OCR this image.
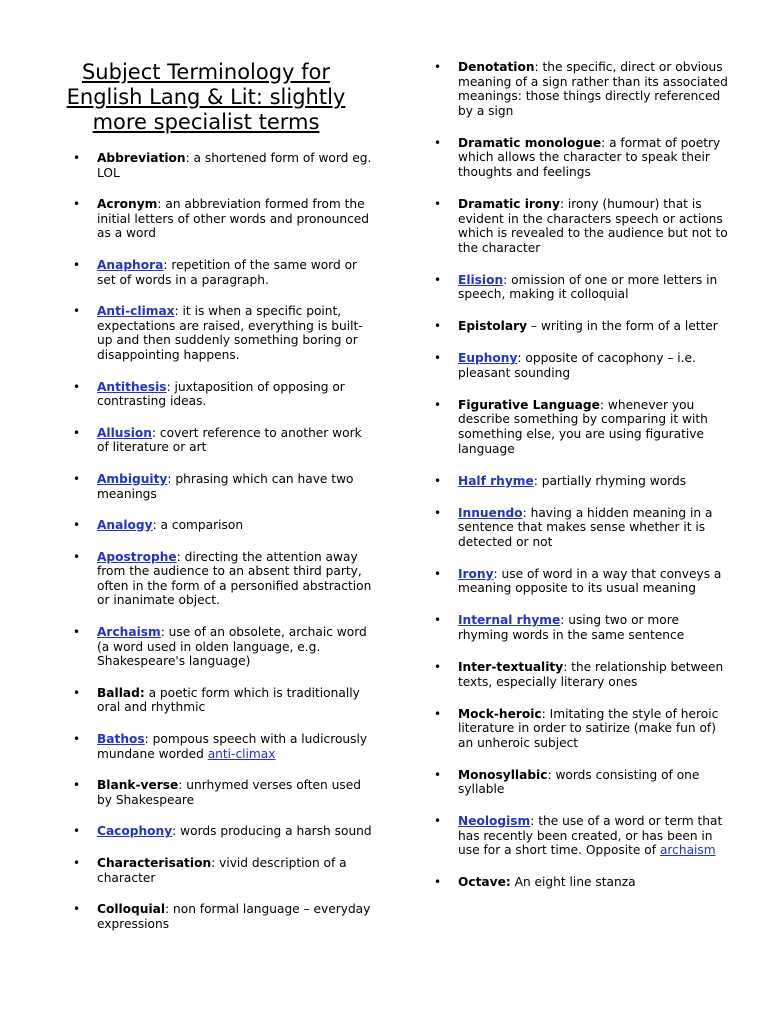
Subject Terminology for English Lang & Lit: slightly more specialist terms
• Abbreviation: a shortened form of word eg. LOL
• Acronym: an abbreviation formed from the initial letters of other words and pronounced as a word
• Anaphora: repetition of the same word or set of words in a paragraph.
• Anti-climax: it is when a specific point, expectations are raised, everything is built-up and then suddenly something boring or disappointing happens.
• Antithesis: juxtaposition of opposing or contrasting ideas.
• Allusion: covert reference to another work of literature or art
• Ambiguity: phrasing which can have two meanings
• Analogy: a comparison
• Apostrophe: directing the attention away from the audience to an absent third party, often in the form of a personified abstraction or inanimate object.
• Archaism: use of an obsolete, archaic word (a word used in olden language, e.g. Shakespeare's language)
• Ballad: a poetic form which is traditionally oral and rhythmic
• Bathos: pompous speech with a ludicrously mundane worded anti-climax
• Blank-verse: unrhymed verses often used by Shakespeare
• Cacophony: words producing a harsh sound
• Characterisation: vivid description of a character
• Colloquial: non formal language – everyday expressions
• Denotation: the specific, direct or obvious meaning of a sign rather than its associated meanings: those things directly referenced by a sign
• Dramatic monologue: a format of poetry which allows the character to speak their thoughts and feelings
• Dramatic irony: irony (humour) that is evident in the characters speech or actions which is revealed to the audience but not to the character
• Elision: omission of one or more letters in speech, making it colloquial
• Epistolary – writing in the form of a letter
• Euphony: opposite of cacophony – i.e. pleasant sounding
• Figurative Language: whenever you describe something by comparing it with something else, you are using figurative language
• Half rhyme: partially rhyming words
• Innuendo: having a hidden meaning in a sentence that makes sense whether it is detected or not
• Irony: use of word in a way that conveys a meaning opposite to its usual meaning
• Internal rhyme: using two or more rhyming words in the same sentence
• Inter-textuality: the relationship between texts, especially literary ones
• Mock-heroic: Imitating the style of heroic literature in order to satirize (make fun of) an unheroic subject
• Monosyllabic: words consisting of one syllable
• Neologism: the use of a word or term that has recently been created, or has been in use for a short time. Opposite of archaism
• Octave: An eight line stanza
